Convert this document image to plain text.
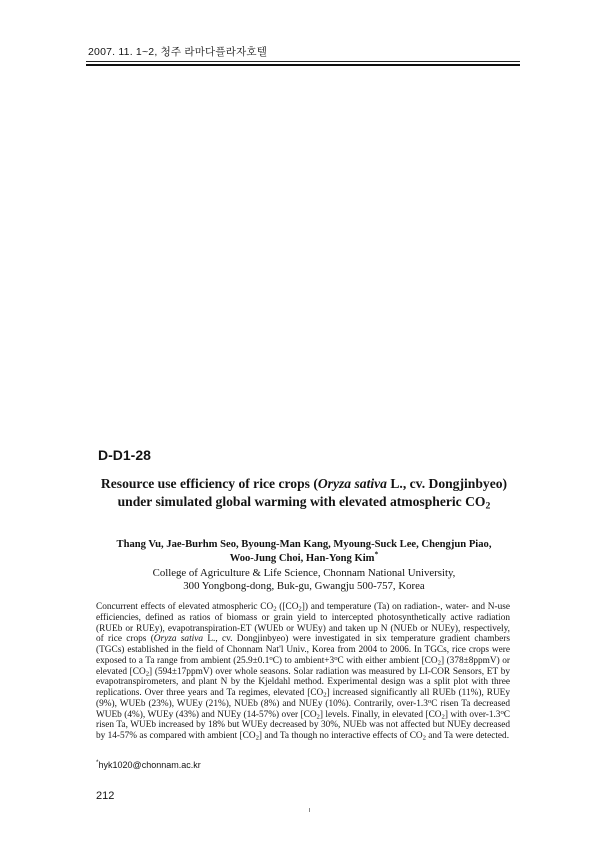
2007. 11. 1~2, 청주 라마다플라자호텔
D-D1-28
Resource use efficiency of rice crops (Oryza sativa L., cv. Dongjinbyeo) under simulated global warming with elevated atmospheric $CO_2$
Thang Vu, Jae-Burhm Seo, Byoung-Man Kang, Myoung-Suck Lee, Chengjun Piao,
Woo-Jung Choi, Han-Yong Kim*
College of Agriculture & Life Science, Chonnam National University,
300 Yongbong-dong, Buk-gu, Gwangju 500-757, Korea
Concurrent effects of elevated atmospheric $CO_2$ $([CO_2])$ and temperature (Ta) on radiation-, water- and N-use efficiencies, defined as ratios of biomass or grain yield to intercepted photosynthetically active radiation (RUEb or RUEy), evapotranspiration-ET (WUEb or WUEy) and taken up N (NUEb or NUEy), respectively, of rice crops (Oryza sativa L., cv. Dongjinbyeo) were investigated in six temperature gradient chambers (TGCs) established in the field of Chonnam Nat'l Univ., Korea from 2004 to 2006. In TGCs, rice crops were exposed to a Ta range from ambient $(25.9\pm 0.1^oC)$ to $ambient+3^oC$ with either ambient $[CO_2]$ (378±8ppmV) or elevated $[CO_2]$ (594±17ppmV) over whole seasons. Solar radiation was measured by LI-COR Sensors, ET by evapotranspirometers, and plant N by the Kjeldahl method. Experimental design was a split plot with three replications. Over three years and Ta regimes, elevated $[CO_2]$ increased significantly all RUEb (11%), RUEy (9%), WUEb (23%), WUEy (21%), NUEb (8%) and NUEy (10%). Contrarily, over-1.3$^o$C risen Ta decreased WUEb (4%), WUEy (43%) and NUEy (14-57%) over $[CO_2]$ levels. Finally, in elevated $[CO_2]$ with over-1.3$^o$C risen Ta, WUEb increased by 18% but WUEy decreased by 30%, NUEb was not affected but NUEy decreased by 14-57% as compared with ambient $[CO_2]$ and Ta though no interactive effects of $CO_2$ and Ta were detected.
*hyk1020@chonnam.ac.kr
212
